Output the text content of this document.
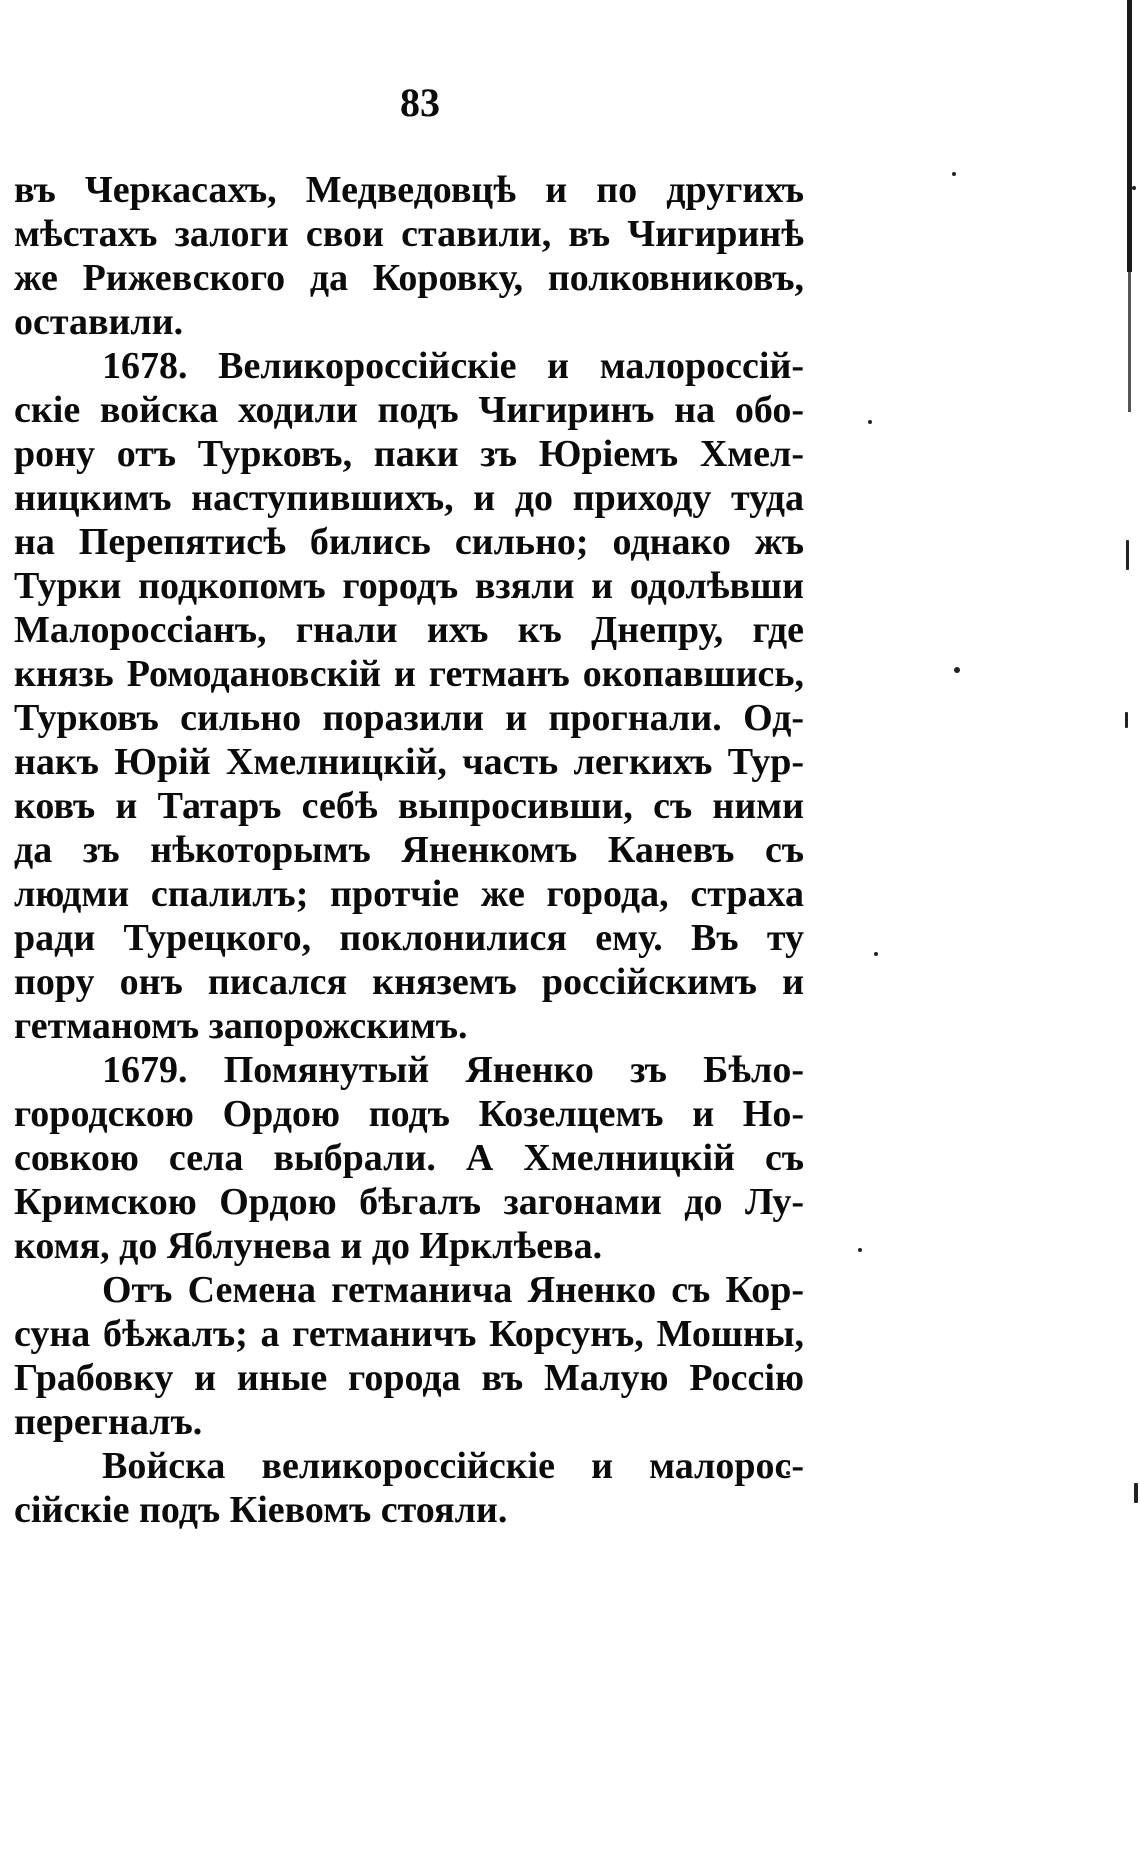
83
въ Черкасахъ, Медведовцѣ и по другихъ
мѣстахъ залоги свои ставили, въ Чигиринѣ
же Рижевского да Коровку, полковниковъ,
оставили.
1678. Великороссійскіе и малороссій-
скіе войска ходили подъ Чигиринъ на обо-
рону отъ Турковъ, паки зъ Юріемъ Хмел-
ницкимъ наступившихъ, и до приходу туда
на Перепятисѣ бились сильно; однако жъ
Турки подкопомъ городъ взяли и одолѣвши
Малороссіанъ, гнали ихъ къ Днепру, где
князь Ромодановскій и гетманъ окопавшись,
Турковъ сильно поразили и прогнали. Од-
накъ Юрій Хмелницкій, часть легкихъ Тур-
ковъ и Татаръ себѣ выпросивши, съ ними
да зъ нѣкоторымъ Яненкомъ Каневъ съ
людми спалилъ; протчіе же города, страха
ради Турецкого, поклонилися ему. Въ ту
пору онъ писался княземъ россійскимъ и
гетманомъ запорожскимъ.
1679. Помянутый Яненко зъ Бѣло-
городскою Ордою подъ Козелцемъ и Но-
совкою села выбрали. А Хмелницкій съ
Кримскою Ордою бѣгалъ загонами до Лу-
комя, до Яблунева и до Ирклѣева.
Отъ Семена гетманича Яненко съ Кор-
суна бѣжалъ; а гетманичъ Корсунъ, Мошны,
Грабовку и иные города въ Малую Россію
перегналъ.
Войска великороссійскіе и малорос-
сійскіе подъ Кіевомъ стояли.
